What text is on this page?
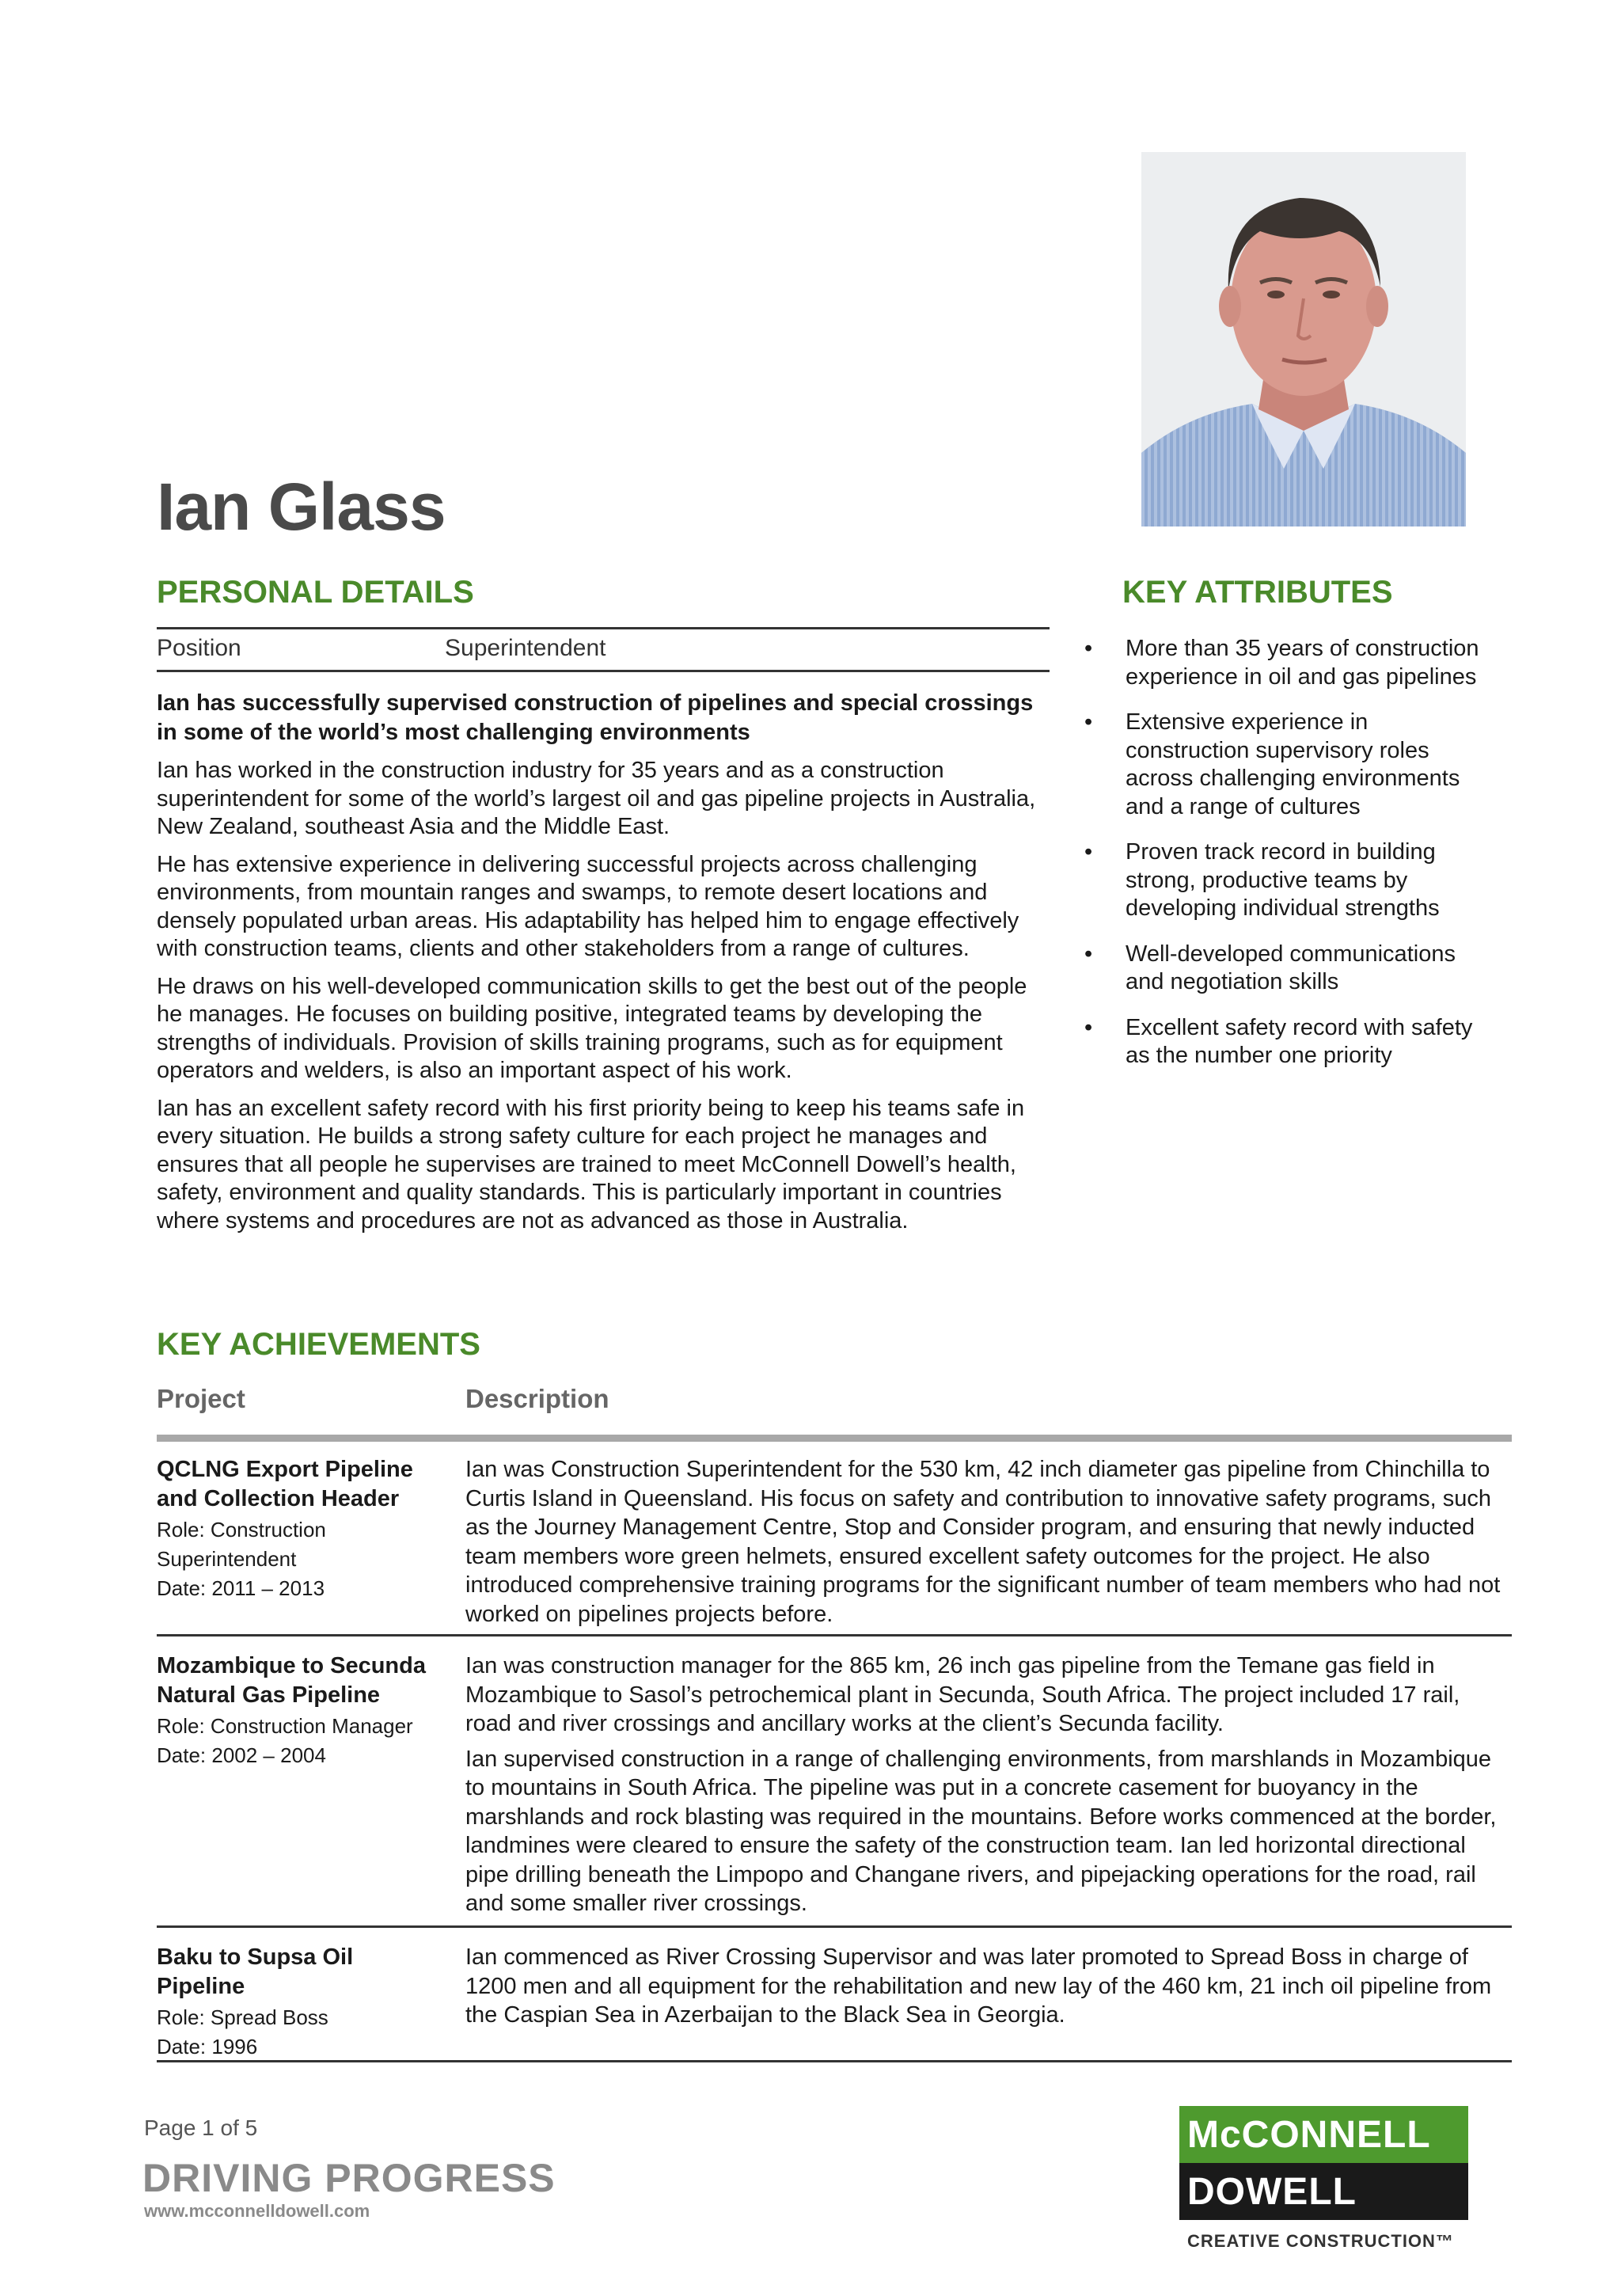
Ian Glass
PERSONAL DETAILS
Position	Superintendent

Ian has successfully supervised construction of pipelines and special crossings in some of the world’s most challenging environments

Ian has worked in the construction industry for 35 years and as a construction superintendent for some of the world’s largest oil and gas pipeline projects in Australia, New Zealand, southeast Asia and the Middle East.

He has extensive experience in delivering successful projects across challenging environments, from mountain ranges and swamps, to remote desert locations and densely populated urban areas. His adaptability has helped him to engage effectively with construction teams, clients and other stakeholders from a range of cultures.

He draws on his well-developed communication skills to get the best out of the people he manages. He focuses on building positive, integrated teams by developing the strengths of individuals. Provision of skills training programs, such as for equipment operators and welders, is also an important aspect of his work.

Ian has an excellent safety record with his first priority being to keep his teams safe in every situation. He builds a strong safety culture for each project he manages and ensures that all people he supervises are trained to meet McConnell Dowell’s health, safety, environment and quality standards. This is particularly important in countries where systems and procedures are not as advanced as those in Australia.

KEY ATTRIBUTES
• More than 35 years of construction experience in oil and gas pipelines
• Extensive experience in construction supervisory roles across challenging environments and a range of cultures
• Proven track record in building strong, productive teams by developing individual strengths
• Well-developed communications and negotiation skills
• Excellent safety record with safety as the number one priority
KEY ACHIEVEMENTS
Project	Description
QCLNG Export Pipeline and Collection Header
Role: Construction Superintendent
Date: 2011 – 2013

Ian was Construction Superintendent for the 530 km, 42 inch diameter gas pipeline from Chinchilla to Curtis Island in Queensland. His focus on safety and contribution to innovative safety programs, such as the Journey Management Centre, Stop and Consider program, and ensuring that newly inducted team members wore green helmets, ensured excellent safety outcomes for the project. He also introduced comprehensive training programs for the significant number of team members who had not worked on pipelines projects before.

Mozambique to Secunda Natural Gas Pipeline
Role: Construction Manager
Date: 2002 – 2004

Ian was construction manager for the 865 km, 26 inch gas pipeline from the Temane gas field in Mozambique to Sasol’s petrochemical plant in Secunda, South Africa. The project included 17 rail, road and river crossings and ancillary works at the client’s Secunda facility.

Ian supervised construction in a range of challenging environments, from marshlands in Mozambique to mountains in South Africa. The pipeline was put in a concrete casement for buoyancy in the marshlands and rock blasting was required in the mountains. Before works commenced at the border, landmines were cleared to ensure the safety of the construction team. Ian led horizontal directional pipe drilling beneath the Limpopo and Changane rivers, and pipejacking operations for the road, rail and some smaller river crossings.

Baku to Supsa Oil Pipeline
Role: Spread Boss
Date: 1996

Ian commenced as River Crossing Supervisor and was later promoted to Spread Boss in charge of 1200 men and all equipment for the rehabilitation and new lay of the 460 km, 21 inch oil pipeline from the Caspian Sea in Azerbaijan to the Black Sea in Georgia.

Page 1 of 5
DRIVING PROGRESS
www.mcconnelldowell.com
McCONNELL
DOWELL
CREATIVE CONSTRUCTION™
